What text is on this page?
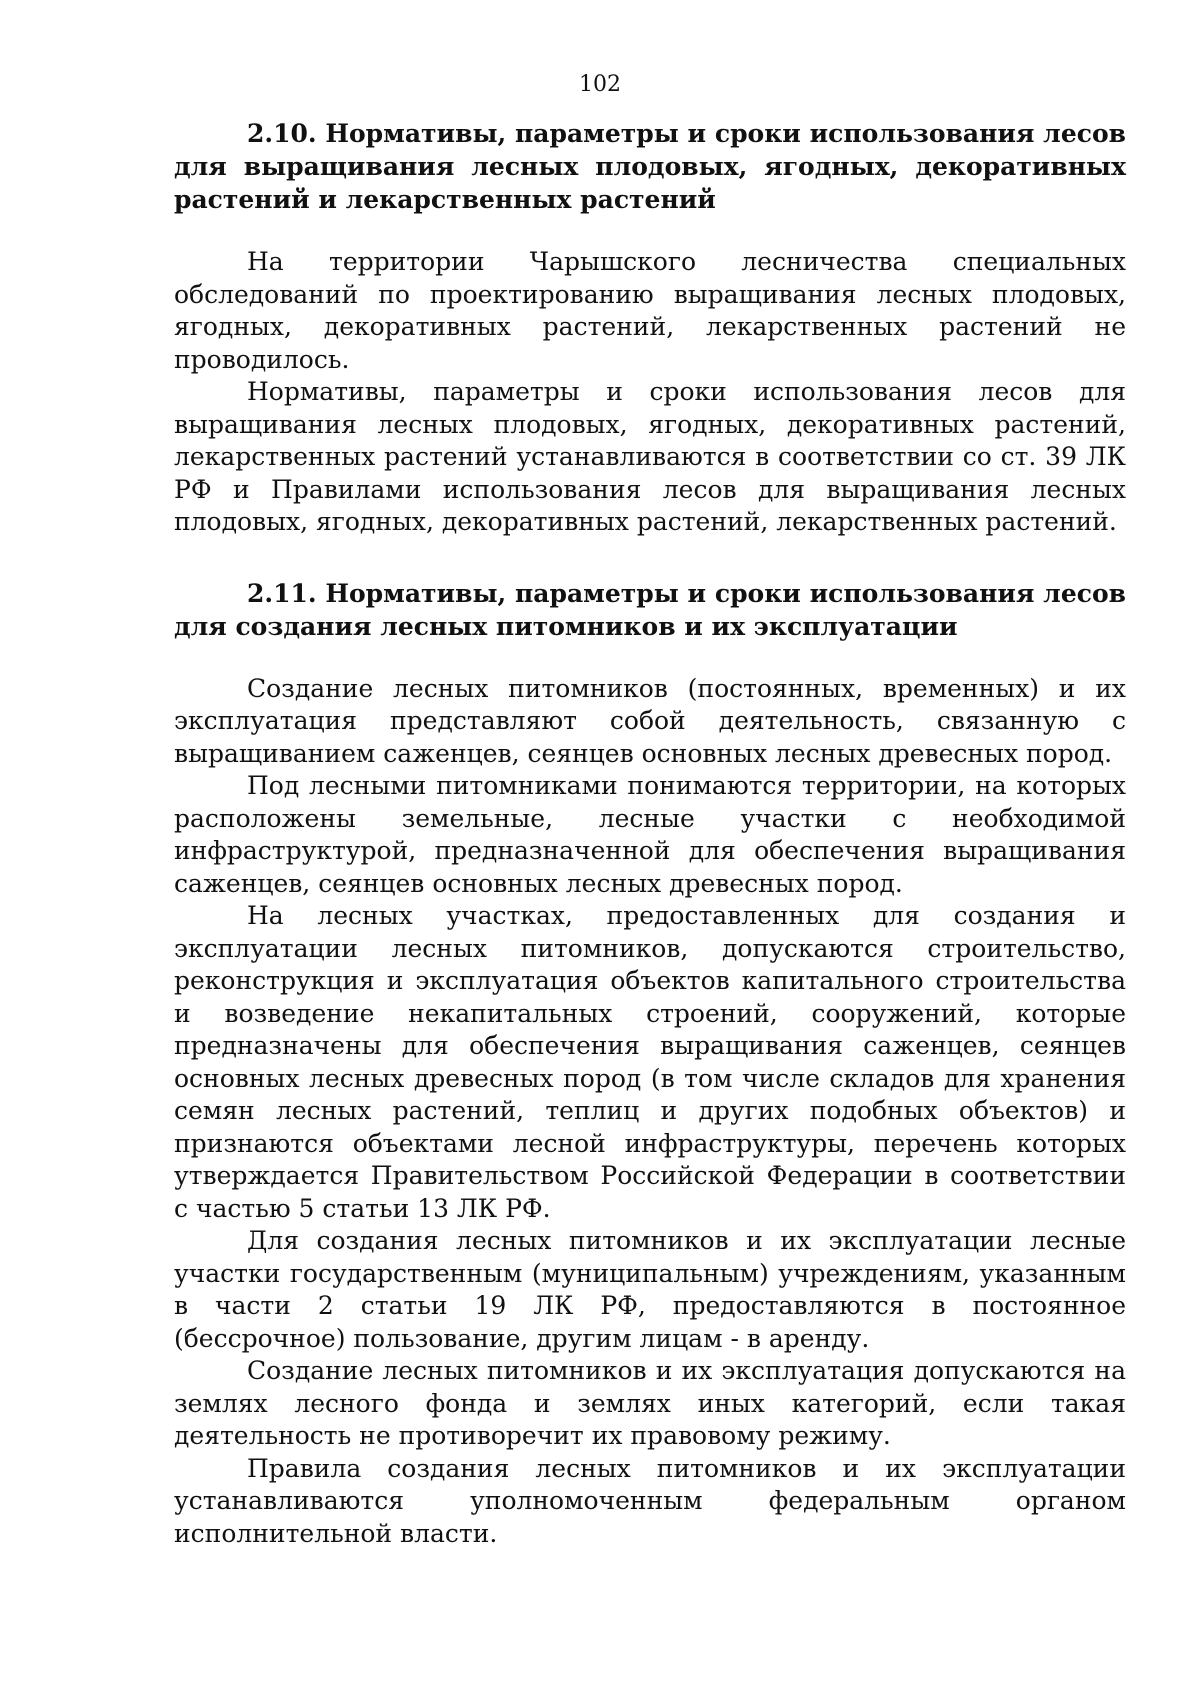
102
2.10. Нормативы, параметры и сроки использования лесов для выращивания лесных плодовых, ягодных, декоративных растений и лекарственных растений

На территории Чарышского лесничества специальных обследований по проектированию выращивания лесных плодовых, ягодных, декоративных растений, лекарственных растений не проводилось.

Нормативы, параметры и сроки использования лесов для выращивания лесных плодовых, ягодных, декоративных растений, лекарственных растений устанавливаются в соответствии со ст. 39 ЛК РФ и Правилами использования лесов для выращивания лесных плодовых, ягодных, декоративных растений, лекарственных растений.

2.11. Нормативы, параметры и сроки использования лесов для создания лесных питомников и их эксплуатации

Создание лесных питомников (постоянных, временных) и их эксплуатация представляют собой деятельность, связанную с выращиванием саженцев, сеянцев основных лесных древесных пород.

Под лесными питомниками понимаются территории, на которых расположены земельные, лесные участки с необходимой инфраструктурой, предназначенной для обеспечения выращивания саженцев, сеянцев основных лесных древесных пород.

На лесных участках, предоставленных для создания и эксплуатации лесных питомников, допускаются строительство, реконструкция и эксплуатация объектов капитального строительства и возведение некапитальных строений, сооружений, которые предназначены для обеспечения выращивания саженцев, сеянцев основных лесных древесных пород (в том числе складов для хранения семян лесных растений, теплиц и других подобных объектов) и признаются объектами лесной инфраструктуры, перечень которых утверждается Правительством Российской Федерации в соответствии с частью 5 статьи 13 ЛК РФ.

Для создания лесных питомников и их эксплуатации лесные участки государственным (муниципальным) учреждениям, указанным в части 2 статьи 19 ЛК РФ, предоставляются в постоянное (бессрочное) пользование, другим лицам - в аренду.

Создание лесных питомников и их эксплуатация допускаются на землях лесного фонда и землях иных категорий, если такая деятельность не противоречит их правовому режиму.

Правила создания лесных питомников и их эксплуатации устанавливаются уполномоченным федеральным органом исполнительной власти.
